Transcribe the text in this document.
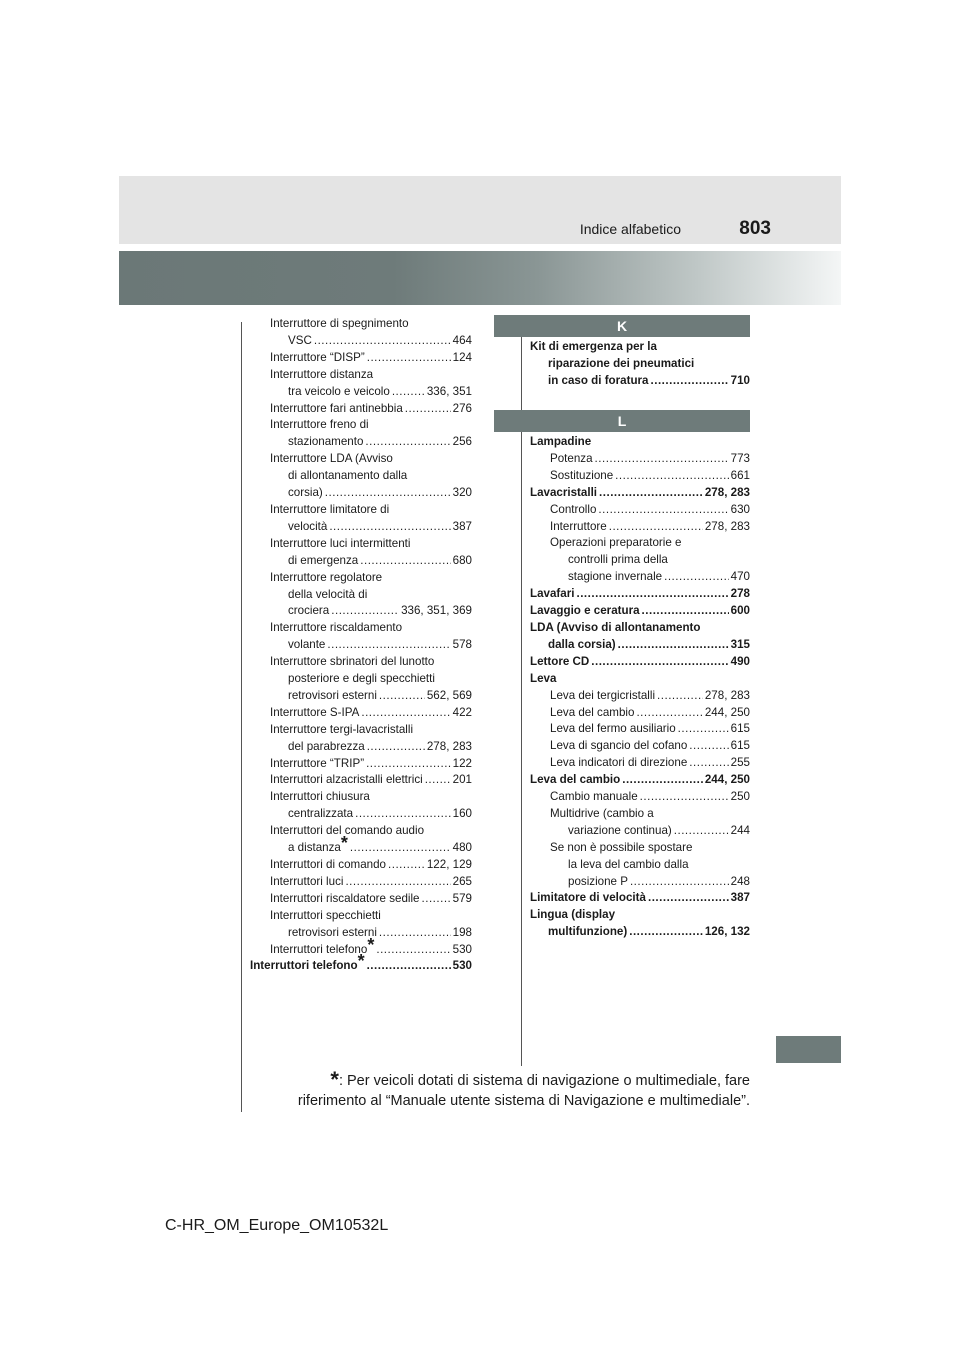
Indice alfabetico	803
Interruttore di spegnimento
VSC .....	464
Interruttore “DISP” .....	124
Interruttore distanza
tra veicolo e veicolo .....	336, 351
Interruttore fari antinebbia .....	276
Interruttore freno di
stazionamento .....	256
Interruttore LDA (Avviso
di allontanamento dalla
corsia) .....	320
Interruttore limitatore di
velocità .....	387
Interruttore luci intermittenti
di emergenza .....	680
Interruttore regolatore
della velocità di
crociera .....	336, 351, 369
Interruttore riscaldamento
volante .....	578
Interruttore sbrinatori del lunotto
posteriore e degli specchietti
retrovisori esterni .....	562, 569
Interruttore S-IPA .....	422
Interruttore tergi-lavacristalli
del parabrezza .....	278, 283
Interruttore “TRIP” .....	122
Interruttori alzacristalli elettrici .....	201
Interruttori chiusura
centralizzata .....	160
Interruttori del comando audio
a distanza * .....	480
Interruttori di comando .....	122, 129
Interruttori luci .....	265
Interruttori riscaldatore sedile .....	579
Interruttori specchietti
retrovisori esterni .....	198
Interruttori telefono * .....	530
Interruttori telefono * .....	530
K
Kit di emergenza per la
riparazione dei pneumatici
in caso di foratura .....	710
L
Lampadine
Potenza .....	773
Sostituzione .....	661
Lavacristalli .....	278, 283
Controllo .....	630
Interruttore .....	278, 283
Operazioni preparatorie e
controlli prima della
stagione invernale .....	470
Lavafari .....	278
Lavaggio e ceratura .....	600
LDA (Avviso di allontanamento
dalla corsia) .....	315
Lettore CD .....	490
Leva
Leva dei tergicristalli .....	278, 283
Leva del cambio .....	244, 250
Leva del fermo ausiliario .....	615
Leva di sgancio del cofano .....	615
Leva indicatori di direzione .....	255
Leva del cambio .....	244, 250
Cambio manuale .....	250
Multidrive (cambio a
variazione continua) .....	244
Se non è possibile spostare
la leva del cambio dalla
posizione P .....	248
Limitatore di velocità .....	387
Lingua (display
multifunzione) .....	126, 132
*: Per veicoli dotati di sistema di navigazione o multimediale, fare riferimento al “Manuale utente sistema di Navigazione e multimediale”.
C-HR_OM_Europe_OM10532L
